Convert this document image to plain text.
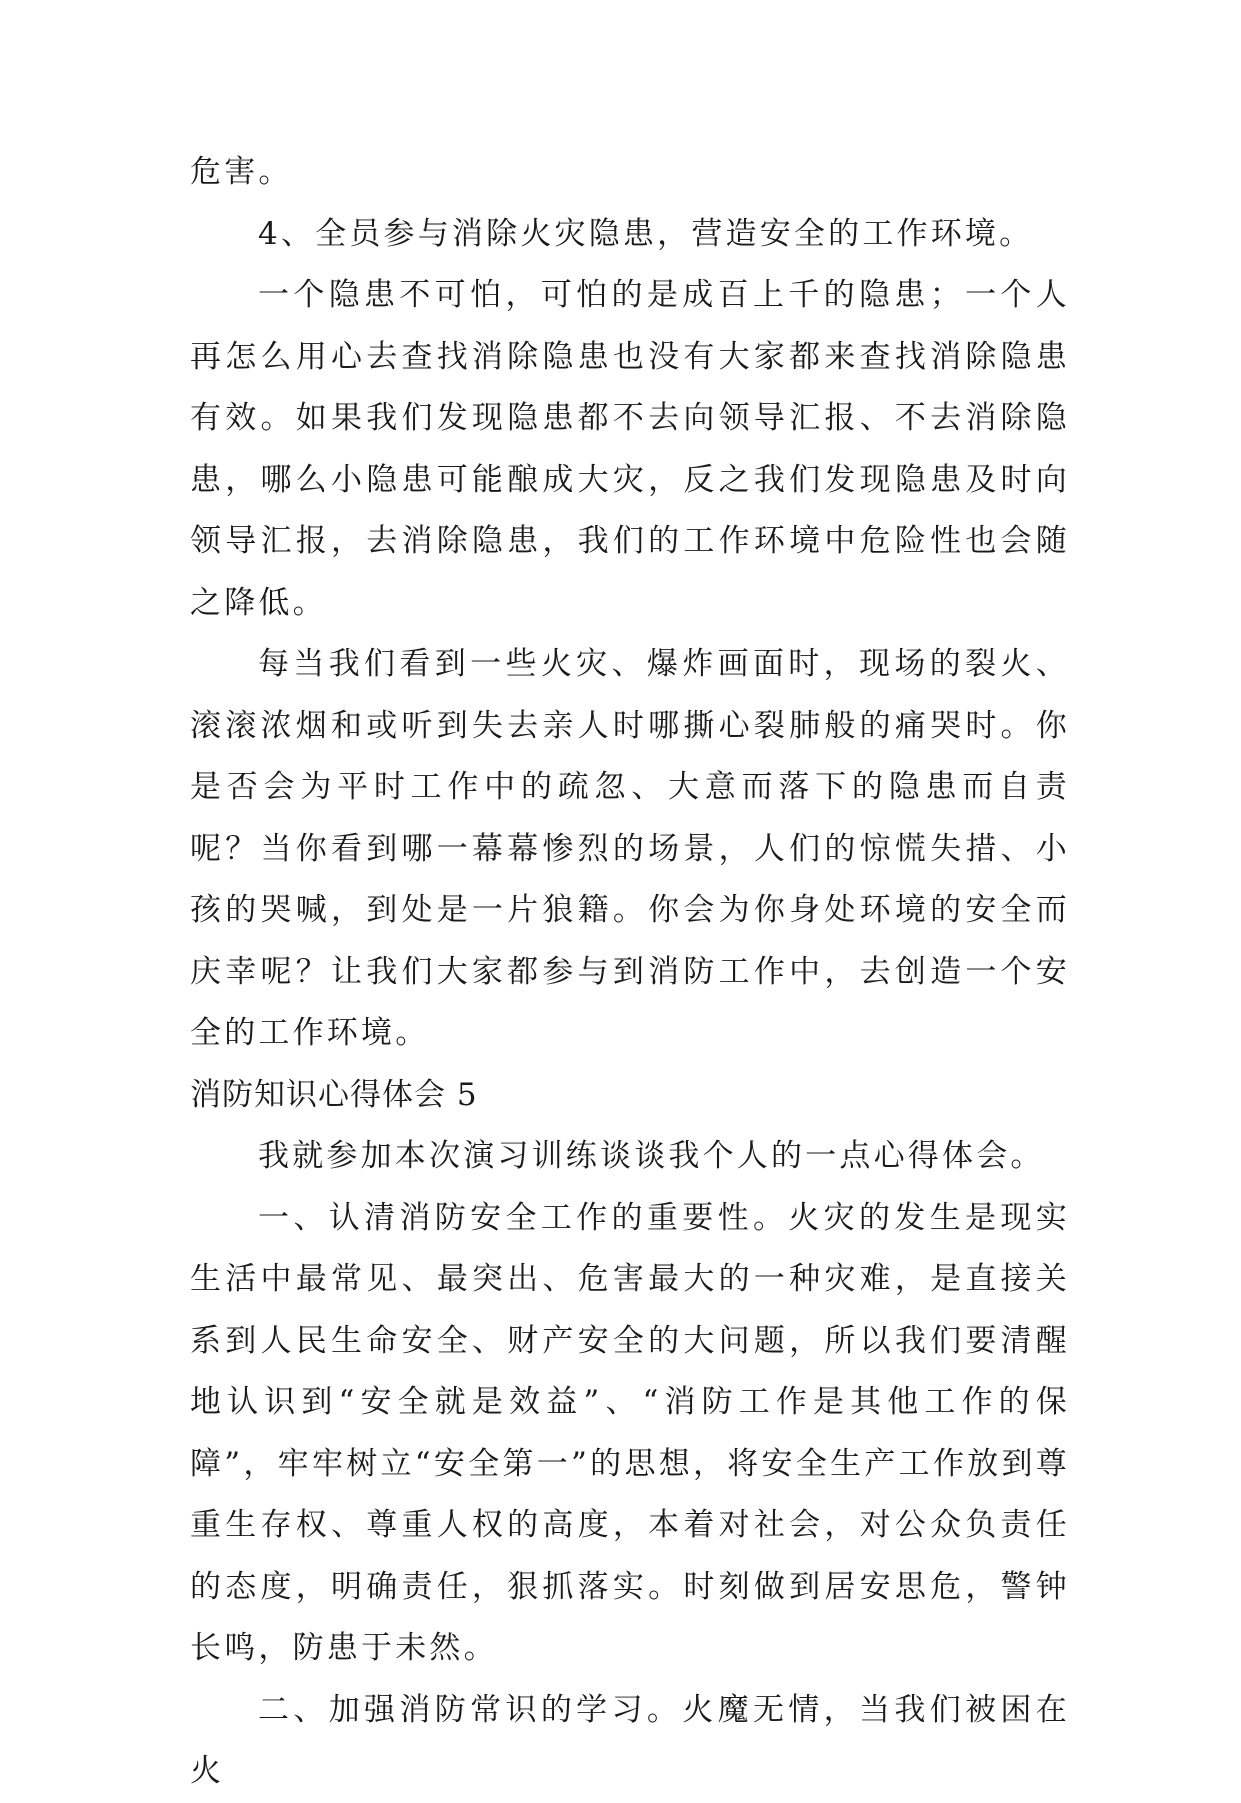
危害。

4、全员参与消除火灾隐患，营造安全的工作环境。

一个隐患不可怕，可怕的是成百上千的隐患；一个人再怎么用心去查找消除隐患也没有大家都来查找消除隐患有效。如果我们发现隐患都不去向领导汇报、不去消除隐患，哪么小隐患可能酿成大灾，反之我们发现隐患及时向领导汇报，去消除隐患，我们的工作环境中危险性也会随之降低。

每当我们看到一些火灾、爆炸画面时，现场的裂火、滚滚浓烟和或听到失去亲人时哪撕心裂肺般的痛哭时。你是否会为平时工作中的疏忽、大意而落下的隐患而自责呢？当你看到哪一幕幕惨烈的场景，人们的惊慌失措、小孩的哭喊，到处是一片狼籍。你会为你身处环境的安全而庆幸呢？让我们大家都参与到消防工作中，去创造一个安全的工作环境。

消防知识心得体会 5

我就参加本次演习训练谈谈我个人的一点心得体会。

一、认清消防安全工作的重要性。火灾的发生是现实生活中最常见、最突出、危害最大的一种灾难，是直接关系到人民生命安全、财产安全的大问题，所以我们要清醒地认识到“安全就是效益”、“消防工作是其他工作的保障”，牢牢树立“安全第一”的思想，将安全生产工作放到尊重生存权、尊重人权的高度，本着对社会，对公众负责任的态度，明确责任，狠抓落实。时刻做到居安思危，警钟长鸣，防患于未然。

二、加强消防常识的学习。火魔无情，当我们被困在火
